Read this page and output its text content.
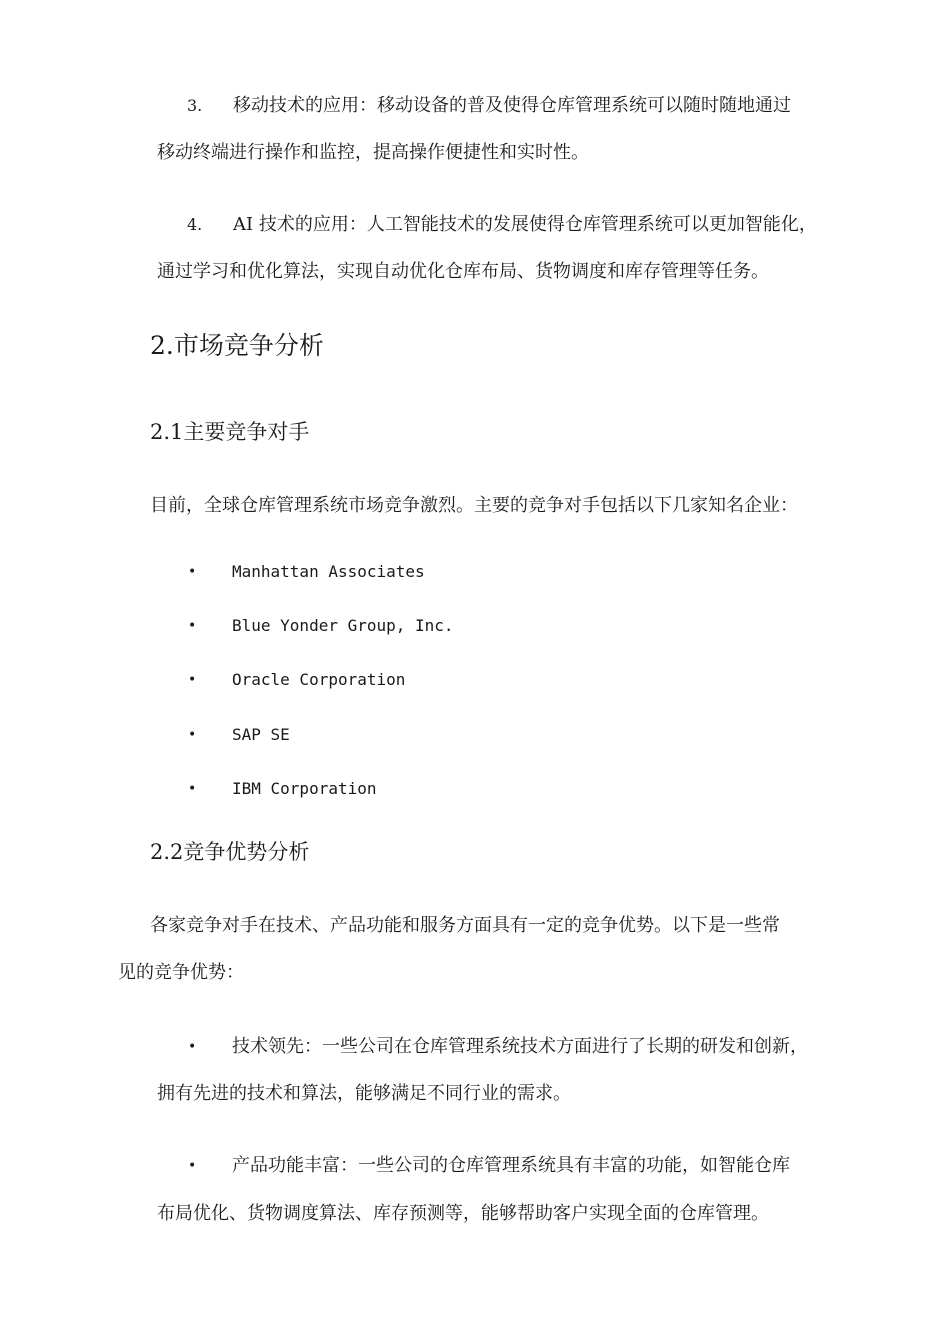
3. 移动技术的应用：移动设备的普及使得仓库管理系统可以随时随地通过
移动终端进行操作和监控，提高操作便捷性和实时性。
4. AI 技术的应用：人工智能技术的发展使得仓库管理系统可以更加智能化，
通过学习和优化算法，实现自动优化仓库布局、货物调度和库存管理等任务。
2.市场竞争分析
2.1主要竞争对手
目前，全球仓库管理系统市场竞争激烈。主要的竞争对手包括以下几家知名企业：
• Manhattan Associates
• Blue Yonder Group, Inc.
• Oracle Corporation
• SAP SE
• IBM Corporation
2.2竞争优势分析
各家竞争对手在技术、产品功能和服务方面具有一定的竞争优势。以下是一些常
见的竞争优势：
• 技术领先：一些公司在仓库管理系统技术方面进行了长期的研发和创新，
拥有先进的技术和算法，能够满足不同行业的需求。
• 产品功能丰富：一些公司的仓库管理系统具有丰富的功能，如智能仓库
布局优化、货物调度算法、库存预测等，能够帮助客户实现全面的仓库管理。
